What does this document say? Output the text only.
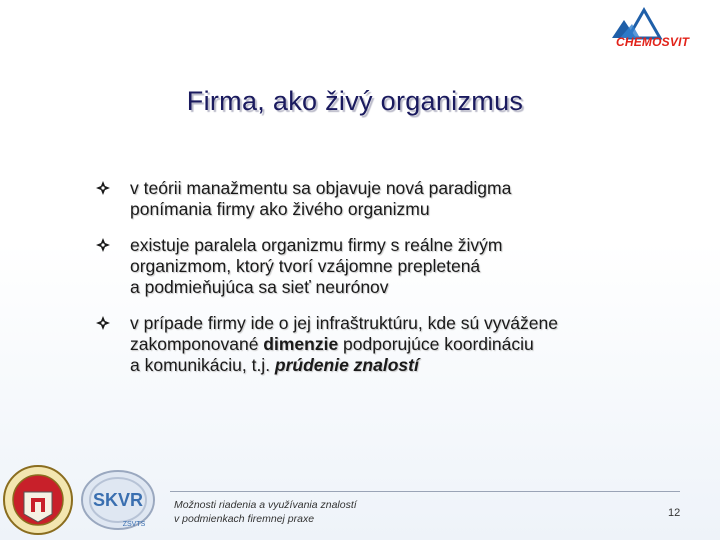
CHEMOSVIT
Firma, ako živý organizmus
v teórii manažmentu sa objavuje nová paradigma
ponímania firmy ako živého organizmu
existuje paralela organizmu firmy s reálne živým
organizmom, ktorý tvorí vzájomne prepletená
a podmieňujúca sa sieť neurónov
v prípade firmy ide o jej infraštruktúru, kde sú vyvážene
zakomponované dimenzie podporujúce koordináciu
a komunikáciu, t.j. prúdenie znalostí
SKVR
ZSVTS
Možnosti riadenia a využívania znalostí
v podmienkach firemnej praxe	12
